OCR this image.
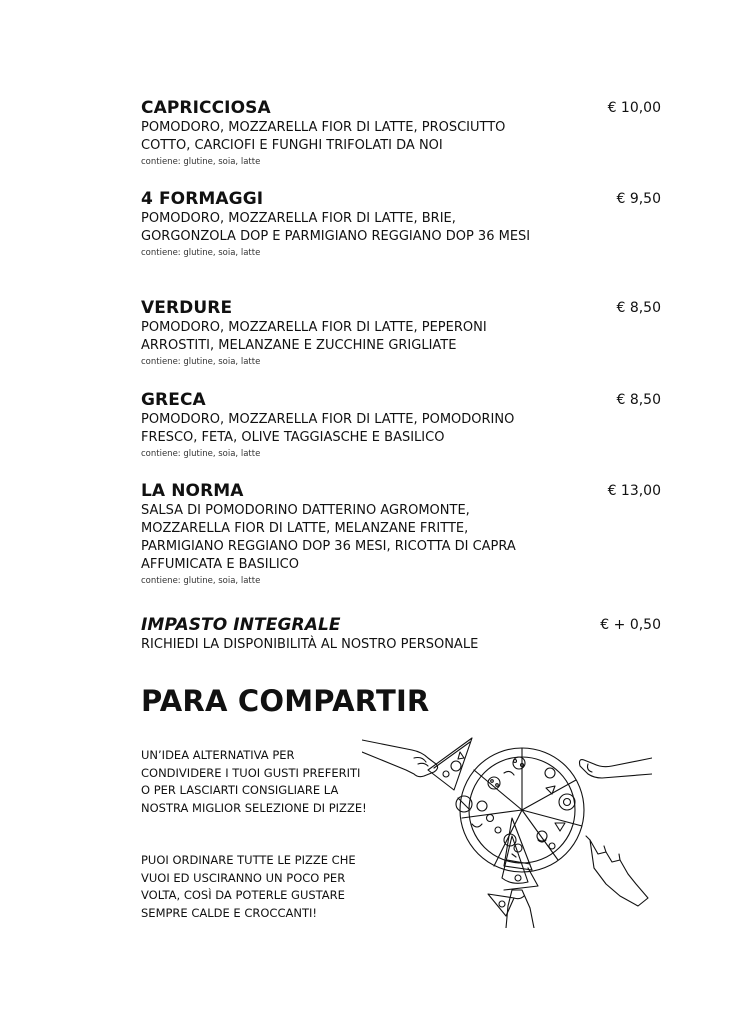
CAPRICCIOSA	€ 10,00
POMODORO, MOZZARELLA FIOR DI LATTE, PROSCIUTTO COTTO, CARCIOFI E FUNGHI TRIFOLATI DA NOI
contiene: glutine, soia, latte
4 FORMAGGI	€ 9,50
POMODORO, MOZZARELLA FIOR DI LATTE, BRIE, GORGONZOLA DOP E PARMIGIANO REGGIANO DOP 36 MESI
contiene: glutine, soia, latte
VERDURE	€ 8,50
POMODORO, MOZZARELLA FIOR DI LATTE, PEPERONI ARROSTITI, MELANZANE E ZUCCHINE GRIGLIATE
contiene: glutine, soia, latte
GRECA	€ 8,50
POMODORO, MOZZARELLA FIOR DI LATTE, POMODORINO FRESCO, FETA, OLIVE TAGGIASCHE E BASILICO
contiene: glutine, soia, latte
LA NORMA	€ 13,00
SALSA DI POMODORINO DATTERINO AGROMONTE, MOZZARELLA FIOR DI LATTE, MELANZANE FRITTE, PARMIGIANO REGGIANO DOP 36 MESI, RICOTTA DI CAPRA AFFUMICATA E BASILICO
contiene: glutine, soia, latte
IMPASTO INTEGRALE	€ + 0,50
RICHIEDI LA DISPONIBILITÀ AL NOSTRO PERSONALE
PARA COMPARTIR
UN’IDEA ALTERNATIVA PER CONDIVIDERE I TUOI GUSTI PREFERITI O PER LASCIARTI CONSIGLIARE LA NOSTRA MIGLIOR SELEZIONE DI PIZZE!
PUOI ORDINARE TUTTE LE PIZZE CHE VUOI ED USCIRANNO UN POCO PER VOLTA, COSÌ DA POTERLE GUSTARE SEMPRE CALDE E CROCCANTI!
